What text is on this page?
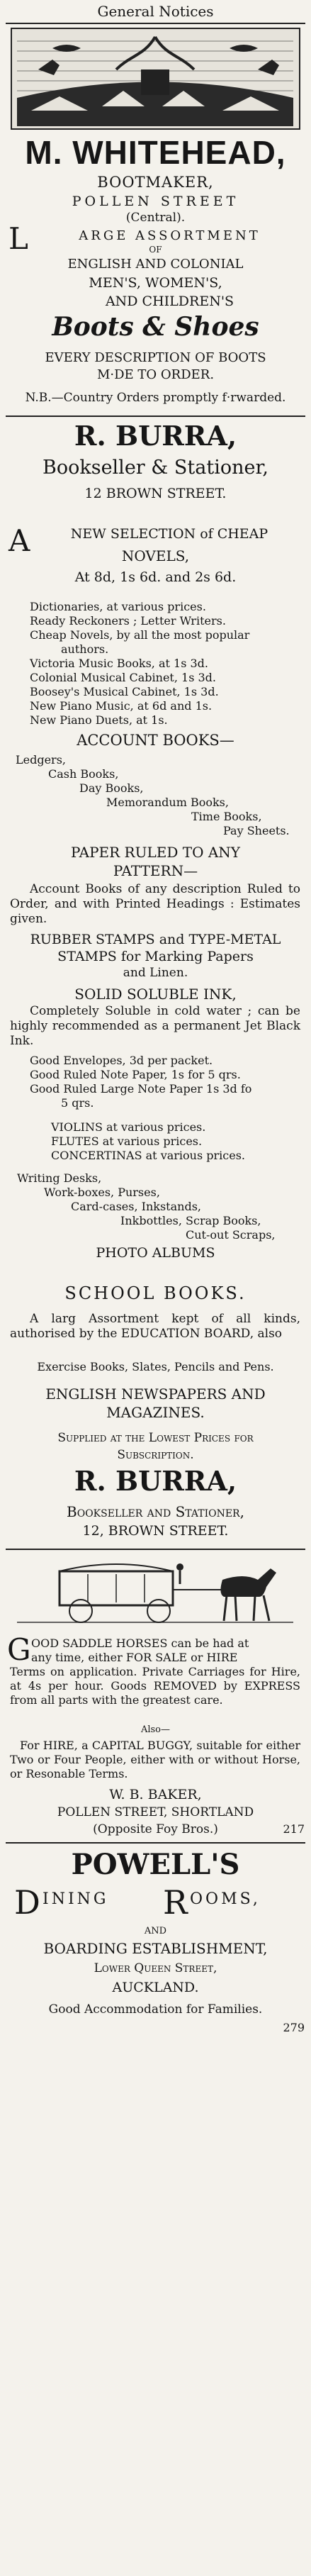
General Notices
M. WHITEHEAD,
BOOTMAKER,
POLLEN STREET
(Central).
L	ARGE ASSORTMENT
OF
ENGLISH AND COLONIAL
MEN'S, WOMEN'S,
AND CHILDREN'S
Boots & Shoes
EVERY DESCRIPTION OF BOOTS
M·DE TO ORDER.
N.B.—Country Orders promptly f·rwarded.
R. BURRA,
Bookseller & Stationer,
12 BROWN STREET.
A	NEW SELECTION of CHEAP
NOVELS,
At 8d, 1s 6d. and 2s 6d.
Dictionaries, at various prices.
Ready Reckoners ; Letter Writers.
Cheap Novels, by all the most popular
authors.
Victoria Music Books, at 1s 3d.
Colonial Musical Cabinet, 1s 3d.
Boosey's Musical Cabinet, 1s 3d.
New Piano Music, at 6d and 1s.
New Piano Duets, at 1s.
ACCOUNT BOOKS—
Ledgers,
Cash Books,
Day Books,
Memorandum Books,
Time Books,
Pay Sheets.
PAPER RULED TO ANY
PATTERN—
Account Books of any description Ruled to Order, and with Printed Headings : Estimates given.
RUBBER STAMPS and TYPE-METAL
STAMPS for Marking Papers
and Linen.
SOLID SOLUBLE INK,
Completely Soluble in cold water ; can be highly recommended as a permanent Jet Black Ink.
Good Envelopes, 3d per packet.
Good Ruled Note Paper, 1s for 5 qrs.
Good Ruled Large Note Paper 1s 3d fo
5 qrs.
VIOLINS at various prices.
FLUTES at various prices.
CONCERTINAS at various prices.
Writing Desks,
Work-boxes, Purses,
Card-cases, Inkstands,
Inkbottles, Scrap Books,
Cut-out Scraps,
PHOTO ALBUMS
SCHOOL BOOKS.
A larg Assortment kept of all kinds, authorised by the EDUCATION BOARD, also
Exercise Books, Slates, Pencils and Pens.
ENGLISH NEWSPAPERS AND
MAGAZINES.
Supplied at the Lowest Prices for
Subscription.
R. BURRA,
Bookseller and Stationer,
12, BROWN STREET.
G OOD SADDLE HORSES can be had at
any time, either FOR SALE or HIRE
Terms on application. Private Carriages for Hire, at 4s per hour. Goods REMOVED by EXPRESS from all parts with the greatest care.
Also—
For HIRE, a CAPITAL BUGGY, suitable for either Two or Four People, either with or without Horse, or Resonable Terms.
W. B. BAKER,
POLLEN STREET, SHORTLAND
(Opposite Foy Bros.)	217
POWELL'S
D INING	R OOMS,
AND
BOARDING ESTABLISHMENT,
Lower Queen Street,
AUCKLAND.
Good Accommodation for Families.
279
